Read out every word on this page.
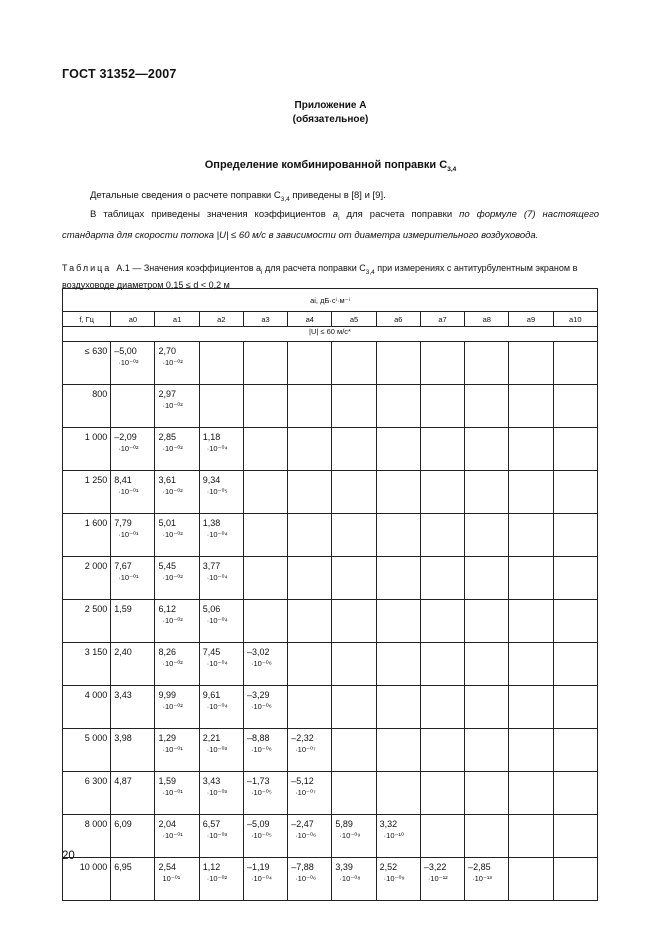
ГОСТ 31352—2007
Приложение А
(обязательное)
Определение комбинированной поправки $C_{3,4}$
Детальные сведения о расчете поправки $C_{3,4}$ приведены в [8] и [9].
В таблицах приведены значения коэффициентов $a_i$ для расчета поправки по формуле (7) настоящего стандарта для скорости потока |U| ≤ 60 м/с в зависимости от диаметра измерительного воздуховода.
Таблица А.1 — Значения коэффициентов $a_i$ для расчета поправки $C_{3,4}$ при измерениях с антитурбулентным экраном в воздуховоде диаметром 0,15 ≤ d < 0,2 м
ai, дБ·cⁱ·м⁻ⁱ											
f, Гц	a0	a1	a2	a3	a4	a5	a6	a7	a8	a9	a10
|U| ≤ 60 м/с*											
≤ 630	–5,00
·10⁻⁰²	2,70
·10⁻⁰²									

800		2,97
·10⁻⁰²									

1 000	–2,09
·10⁻⁰²	2,85
·10⁻⁰²	1,18
·10⁻⁰⁴								

1 250	8,41
·10⁻⁰¹	3,61
·10⁻⁰²	9,34
·10⁻⁰⁵								

1 600	7,79
·10⁻⁰¹	5,01
·10⁻⁰²	1,38
·10⁻⁰⁴								

2 000	7,67
·10⁻⁰¹	5,45
·10⁻⁰²	3,77
·10⁻⁰⁴								

2 500	1,59	6,12
·10⁻⁰²	5,06
·10⁻⁰⁴								

3 150	2,40	8,26
·10⁻⁰²	7,45
·10⁻⁰⁴	–3,02
·10⁻⁰⁶							

4 000	3,43	9,99
·10⁻⁰²	9,61
·10⁻⁰⁴	–3,29
·10⁻⁰⁶							

5 000	3,98	1,29
·10⁻⁰¹	2,21
·10⁻⁰³	–8,88
·10⁻⁰⁶	–2,32
·10⁻⁰⁷						

6 300	4,87	1,59
·10⁻⁰¹	3,43
·10⁻⁰³	–1,73
·10⁻⁰⁵	–5,12
·10⁻⁰⁷						

8 000	6,09	2,04
·10⁻⁰¹	6,57
·10⁻⁰³	–5,09
·10⁻⁰⁵	–2,47
·10⁻⁰⁶	5,89
·10⁻⁰⁹	3,32
·10⁻¹⁰				

10 000	6,95	2,54
10⁻⁰¹	1,12
·10⁻⁰²	–1,19
·10⁻⁰⁴	–7,88
·10⁻⁰⁶	3,39
·10⁻⁰⁸	2,52
·10⁻⁰⁹	–3,22
·10⁻¹²	–2,85
·10⁻¹³		

20
